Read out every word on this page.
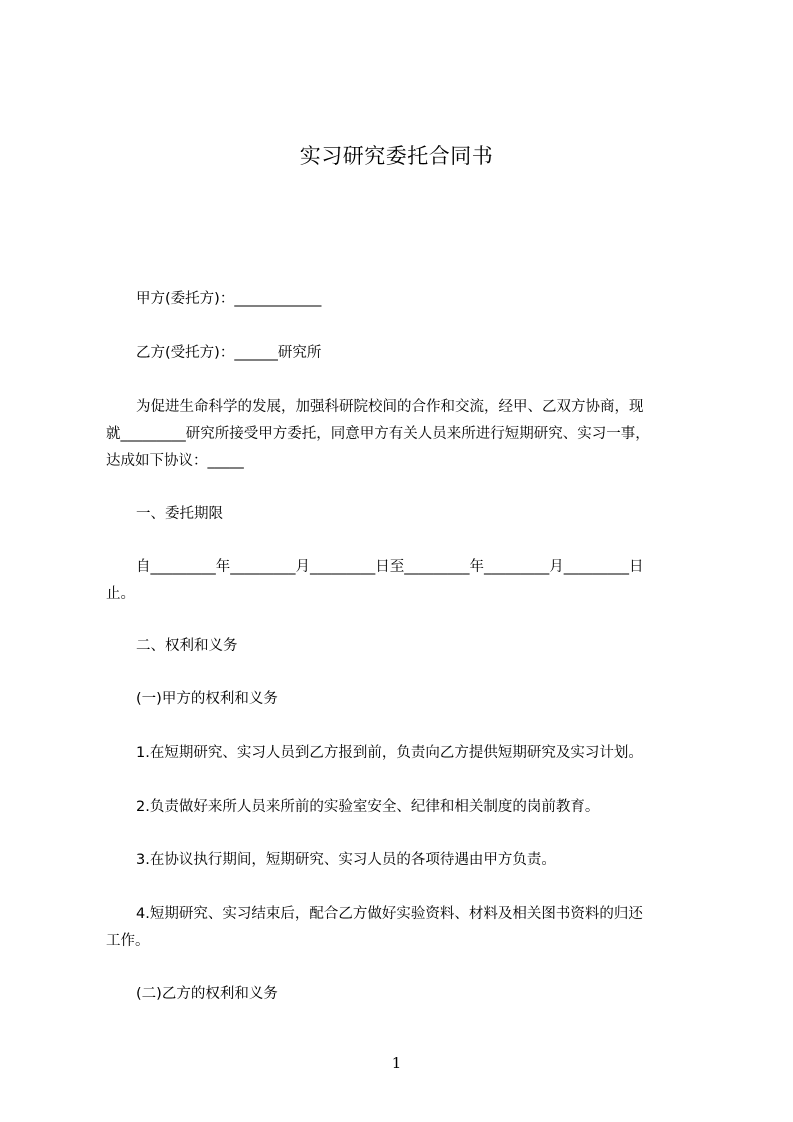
实习研究委托合同书
甲方(委托方)：____________
乙方(受托方)：______研究所
为促进生命科学的发展，加强科研院校间的合作和交流，经甲、乙双方协商，现
就_________研究所接受甲方委托，同意甲方有关人员来所进行短期研究、实习一事，
达成如下协议：_____
一、委托期限
自_________年_________月_________日至_________年_________月_________日
止。
二、权利和义务
(一)甲方的权利和义务
1.在短期研究、实习人员到乙方报到前，负责向乙方提供短期研究及实习计划。
2.负责做好来所人员来所前的实验室安全、纪律和相关制度的岗前教育。
3.在协议执行期间，短期研究、实习人员的各项待遇由甲方负责。
4.短期研究、实习结束后，配合乙方做好实验资料、材料及相关图书资料的归还
工作。
(二)乙方的权利和义务
1
